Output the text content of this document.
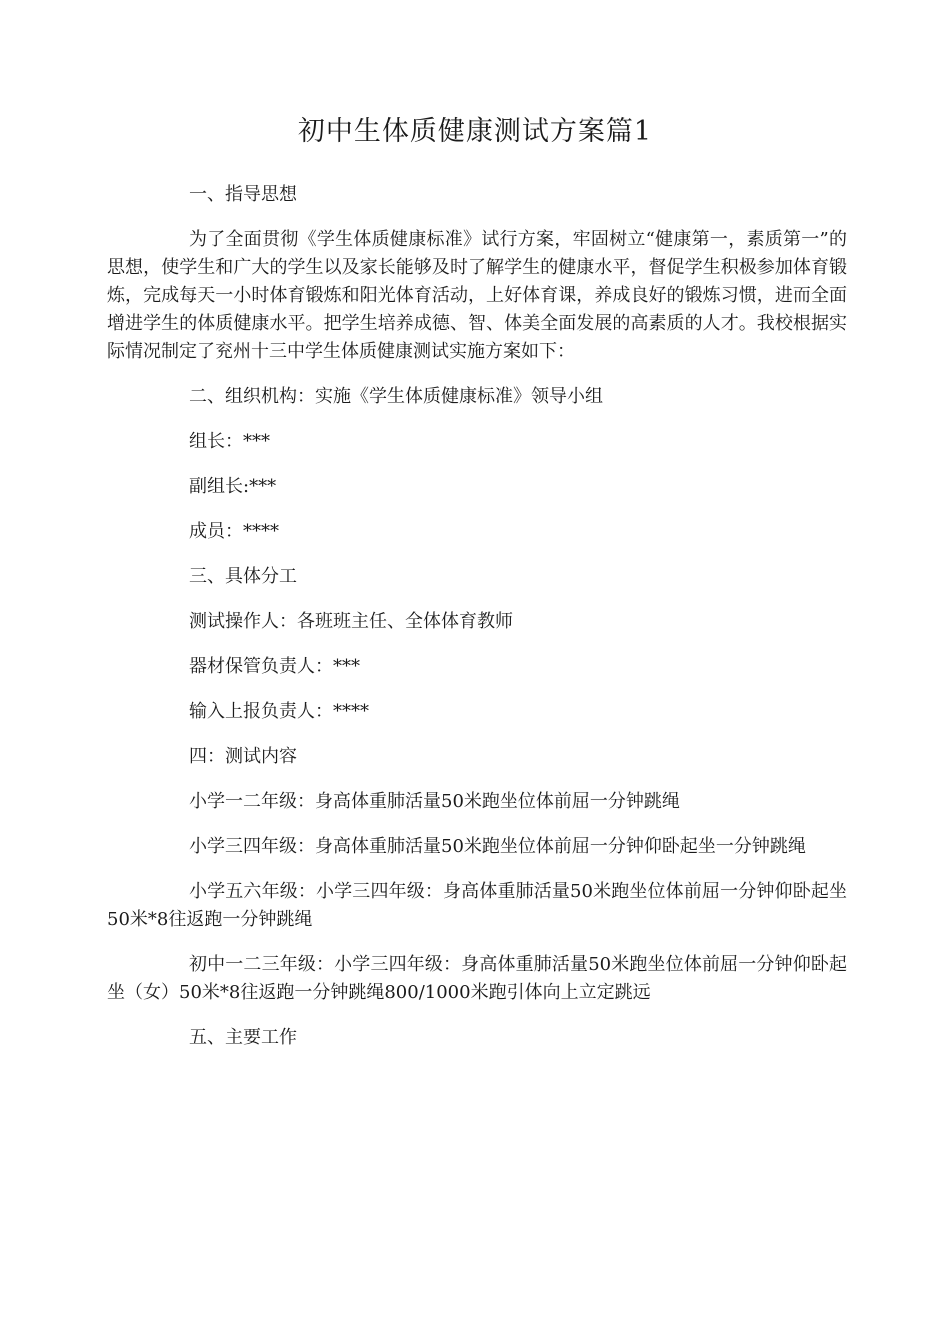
初中生体质健康测试方案篇1

一、指导思想

为了全面贯彻《学生体质健康标准》试行方案，牢固树立“健康第一，素质第一”的思想，使学生和广大的学生以及家长能够及时了解学生的健康水平，督促学生积极参加体育锻炼，完成每天一小时体育锻炼和阳光体育活动，上好体育课，养成良好的锻炼习惯，进而全面增进学生的体质健康水平。把学生培养成德、智、体美全面发展的高素质的人才。我校根据实际情况制定了兖州十三中学生体质健康测试实施方案如下：

二、组织机构：实施《学生体质健康标准》领导小组

组长：***

副组长:***

成员：****

三、具体分工

测试操作人：各班班主任、全体体育教师

器材保管负责人：***

输入上报负责人：****

四：测试内容

小学一二年级：身高体重肺活量50米跑坐位体前屈一分钟跳绳

小学三四年级：身高体重肺活量50米跑坐位体前屈一分钟仰卧起坐一分钟跳绳

小学五六年级：小学三四年级：身高体重肺活量50米跑坐位体前屈一分钟仰卧起坐50米*8往返跑一分钟跳绳

初中一二三年级：小学三四年级：身高体重肺活量50米跑坐位体前屈一分钟仰卧起坐（女）50米*8往返跑一分钟跳绳800/1000米跑引体向上立定跳远

五、主要工作
